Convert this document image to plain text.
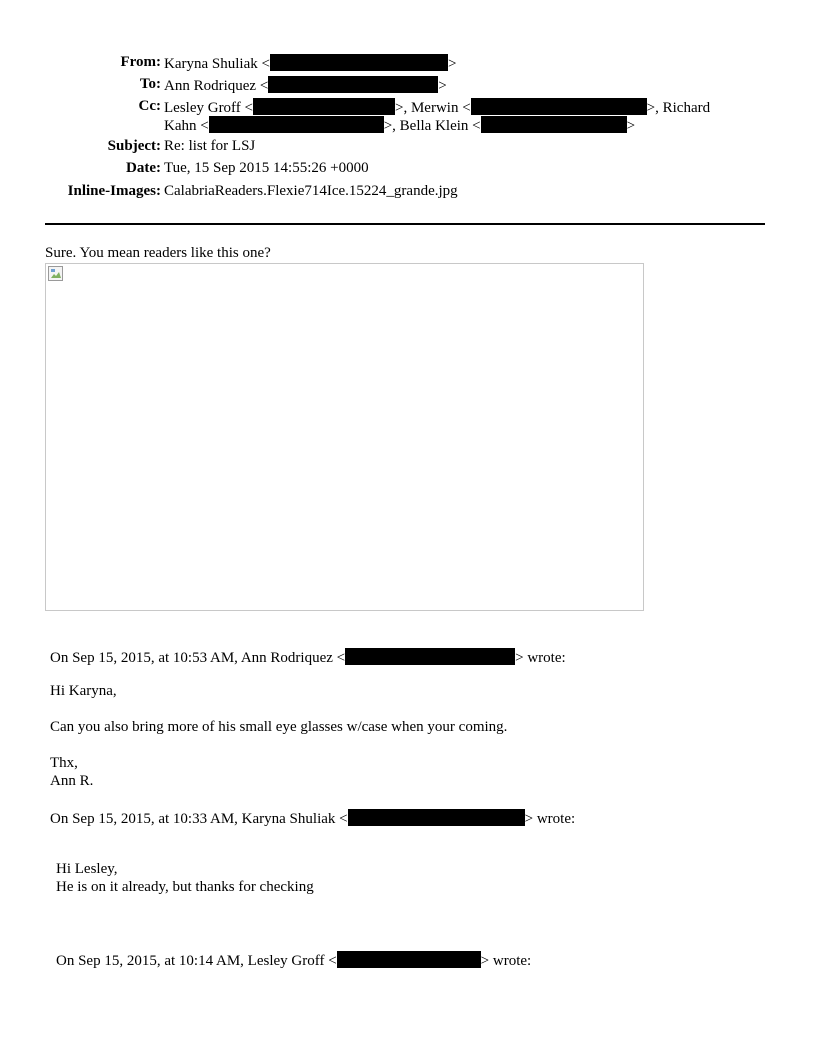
From: Karyna Shuliak <	>
To: Ann Rodriquez <	>
Cc: Lesley Groff <	>, Merwin <	>, Richard
Kahn <	>, Bella Klein <	>
Subject: Re: list for LSJ
Date: Tue, 15 Sep 2015 14:55:26 +0000
Inline-Images: CalabriaReaders.Flexie714Ice.15224_grande.jpg
Sure. You mean readers like this one?
On Sep 15, 2015, at 10:53 AM, Ann Rodriquez <	> wrote:
Hi Karyna,
Can you also bring more of his small eye glasses w/case when your coming.
Thx,
Ann R.
On Sep 15, 2015, at 10:33 AM, Karyna Shuliak <	> wrote:
Hi Lesley,
He is on it already, but thanks for checking
On Sep 15, 2015, at 10:14 AM, Lesley Groff <	> wrote:
